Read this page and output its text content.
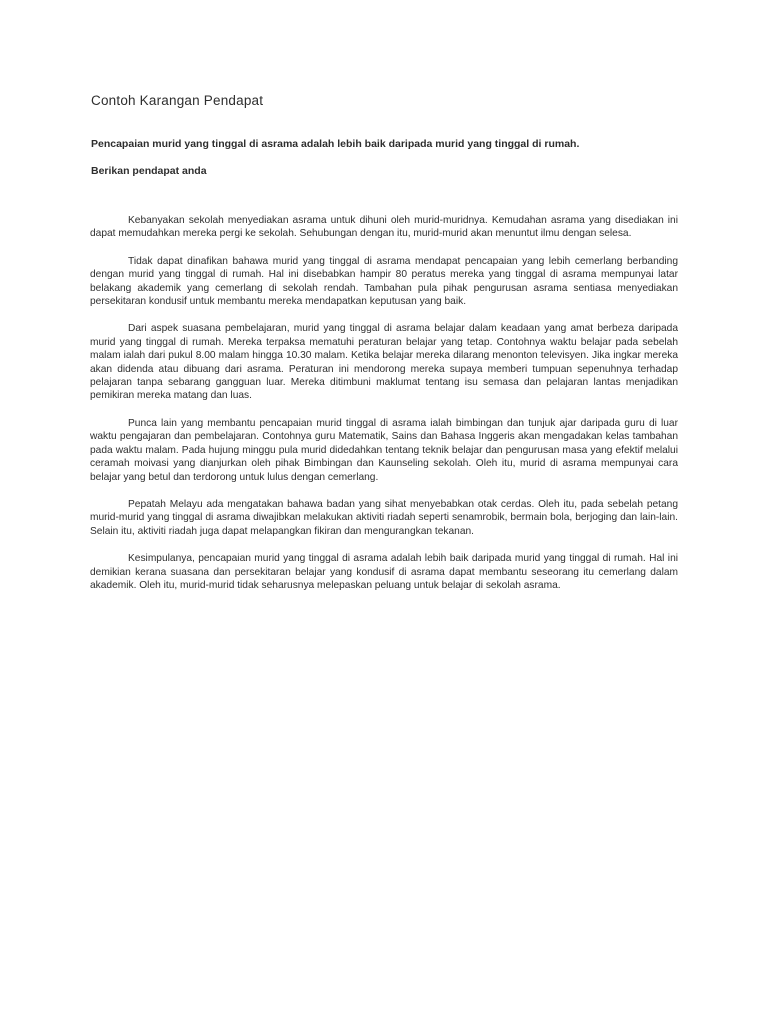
Contoh Karangan Pendapat
Pencapaian murid yang tinggal di asrama adalah lebih baik daripada murid yang tinggal di rumah.
Berikan pendapat anda

Kebanyakan sekolah menyediakan asrama untuk dihuni oleh murid-muridnya. Kemudahan asrama yang disediakan ini dapat memudahkan mereka pergi ke sekolah. Sehubungan dengan itu, murid-murid akan menuntut ilmu dengan selesa.

Tidak dapat dinafikan bahawa murid yang tinggal di asrama mendapat pencapaian yang lebih cemerlang berbanding dengan murid yang tinggal di rumah. Hal ini disebabkan hampir 80 peratus mereka yang tinggal di asrama mempunyai latar belakang akademik yang cemerlang di sekolah rendah. Tambahan pula pihak pengurusan asrama sentiasa menyediakan persekitaran kondusif untuk membantu mereka mendapatkan keputusan yang baik.

Dari aspek suasana pembelajaran, murid yang tinggal di asrama belajar dalam keadaan yang amat berbeza daripada murid yang tinggal di rumah. Mereka terpaksa mematuhi peraturan belajar yang tetap. Contohnya waktu belajar pada sebelah malam ialah dari pukul 8.00 malam hingga 10.30 malam. Ketika belajar mereka dilarang menonton televisyen. Jika ingkar mereka akan didenda atau dibuang dari asrama. Peraturan ini mendorong mereka supaya memberi tumpuan sepenuhnya terhadap pelajaran tanpa sebarang gangguan luar. Mereka ditimbuni maklumat tentang isu semasa dan pelajaran lantas menjadikan pemikiran mereka matang dan luas.

Punca lain yang membantu pencapaian murid tinggal di asrama ialah bimbingan dan tunjuk ajar daripada guru di luar waktu pengajaran dan pembelajaran. Contohnya guru Matematik, Sains dan Bahasa Inggeris akan mengadakan kelas tambahan pada waktu malam. Pada hujung minggu pula murid didedahkan tentang teknik belajar dan pengurusan masa yang efektif melalui ceramah moivasi yang dianjurkan oleh pihak Bimbingan dan Kaunseling sekolah. Oleh itu, murid di asrama mempunyai cara belajar yang betul dan terdorong untuk lulus dengan cemerlang.

Pepatah Melayu ada mengatakan bahawa badan yang sihat menyebabkan otak cerdas. Oleh itu, pada sebelah petang murid-murid yang tinggal di asrama diwajibkan melakukan aktiviti riadah seperti senamrobik, bermain bola, berjoging dan lain-lain. Selain itu, aktiviti riadah juga dapat melapangkan fikiran dan mengurangkan tekanan.

Kesimpulanya, pencapaian murid yang tinggal di asrama adalah lebih baik daripada murid yang tinggal di rumah. Hal ini demikian kerana suasana dan persekitaran belajar yang kondusif di asrama dapat membantu seseorang itu cemerlang dalam akademik. Oleh itu, murid-murid tidak seharusnya melepaskan peluang untuk belajar di sekolah asrama.
